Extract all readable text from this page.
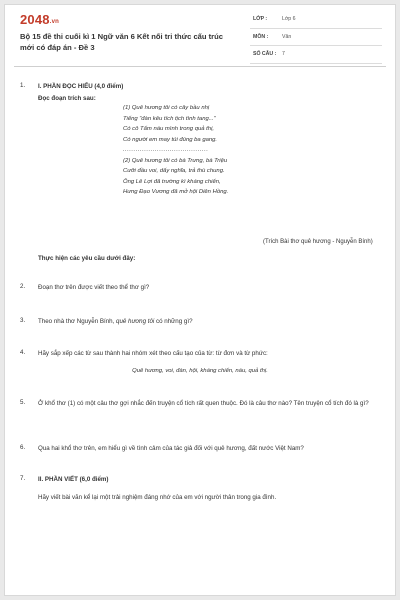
2048.vn
Bộ 15 đề thi cuối kì 1 Ngữ văn 6 Kết nối tri thức cấu trúc mới có đáp án - Đề 3
LỚP :	Lớp 6
MÔN :	Văn
SỐ CÂU : 7
1. I. PHẦN ĐỌC HIỂU (4,0 điểm)
Đọc đoạn trích sau:
(1) Quê hương tôi có cây bầu nhị
Tiếng “đàn kêu tích tịch tình tang...”
Có cô Tấm náu mình trong quả thị,
Có người em may túi đúng ba gang.
........................................
(2) Quê hương tôi có bà Trưng, bà Triệu
Cưỡi đầu voi, dấy nghĩa, trả thù chung.
Ông Lê Lợi đã trường kì kháng chiến,
Hưng Đạo Vương đã mở hội Diên Hồng.
(Trích Bài thơ quê hương - Nguyễn Bính)
Thực hiện các yêu cầu dưới đây:
2. Đoạn thơ trên được viết theo thể thơ gì?
3. Theo nhà thơ Nguyễn Bính, quê hương tôi có những gì?
4. Hãy sắp xếp các từ sau thành hai nhóm xét theo cấu tạo của từ: từ đơn và từ phức:
Quê hương, voi, đàn, hội, kháng chiến, náu, quả thị.
5. Ở khổ thơ (1) có một câu thơ gợi nhắc đến truyện cổ tích rất quen thuộc. Đó là câu thơ nào? Tên truyện cổ tích đó là gì?
6. Qua hai khổ thơ trên, em hiểu gì về tình cảm của tác giả đối với quê hương, đất nước Việt Nam?
7. II. PHẦN VIẾT (6,0 điểm)
Hãy viết bài văn kể lại một trải nghiệm đáng nhớ của em với người thân trong gia đình.
